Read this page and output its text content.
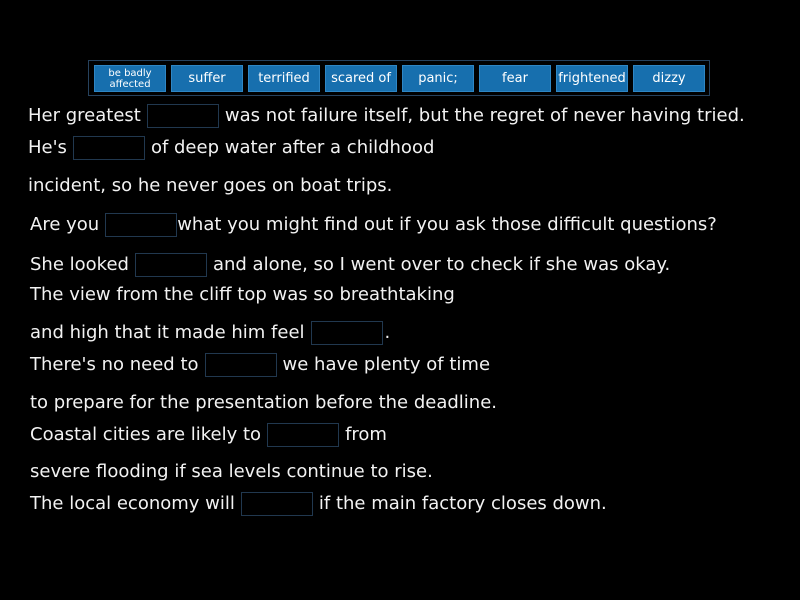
be badly affected	suffer	terrified	scared of	panic;	fear	frightened	dizzy
Her greatest	was not failure itself, but the regret of never having tried.
He's	of deep water after a childhood
incident, so he never goes on boat trips.
Are you	what you might find out if you ask those difficult questions?
She looked	and alone, so I went over to check if she was okay.
The view from the cliff top was so breathtaking
and high that it made him feel	.
There's no need to	we have plenty of time
to prepare for the presentation before the deadline.
Coastal cities are likely to	from
severe flooding if sea levels continue to rise.
The local economy will	if the main factory closes down.
